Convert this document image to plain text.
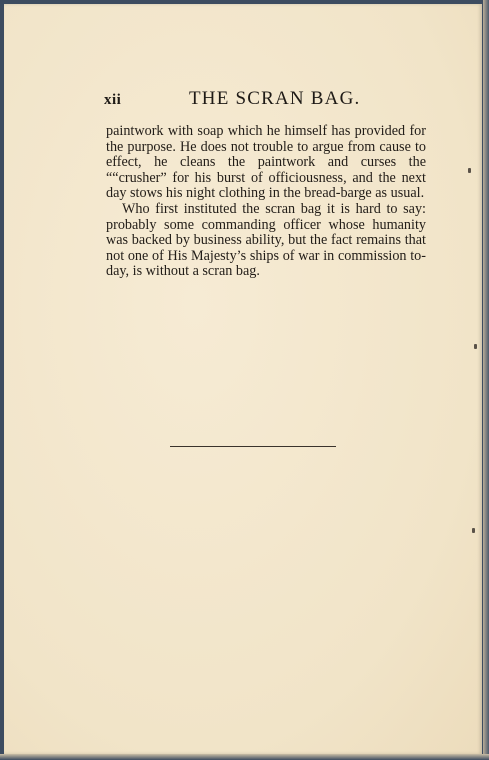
xii	THE SCRAN BAG.

paintwork with soap which he himself has provided for the purpose. He does not trouble to argue from cause to effect, he cleans the paintwork and curses the ““crusher” for his burst of officiousness, and the next day stows his night clothing in the bread-barge as usual.

Who first instituted the scran bag it is hard to say: probably some commanding officer whose humanity was backed by business ability, but the fact remains that not one of His Majesty’s ships of war in commission to-day, is without a scran bag.
